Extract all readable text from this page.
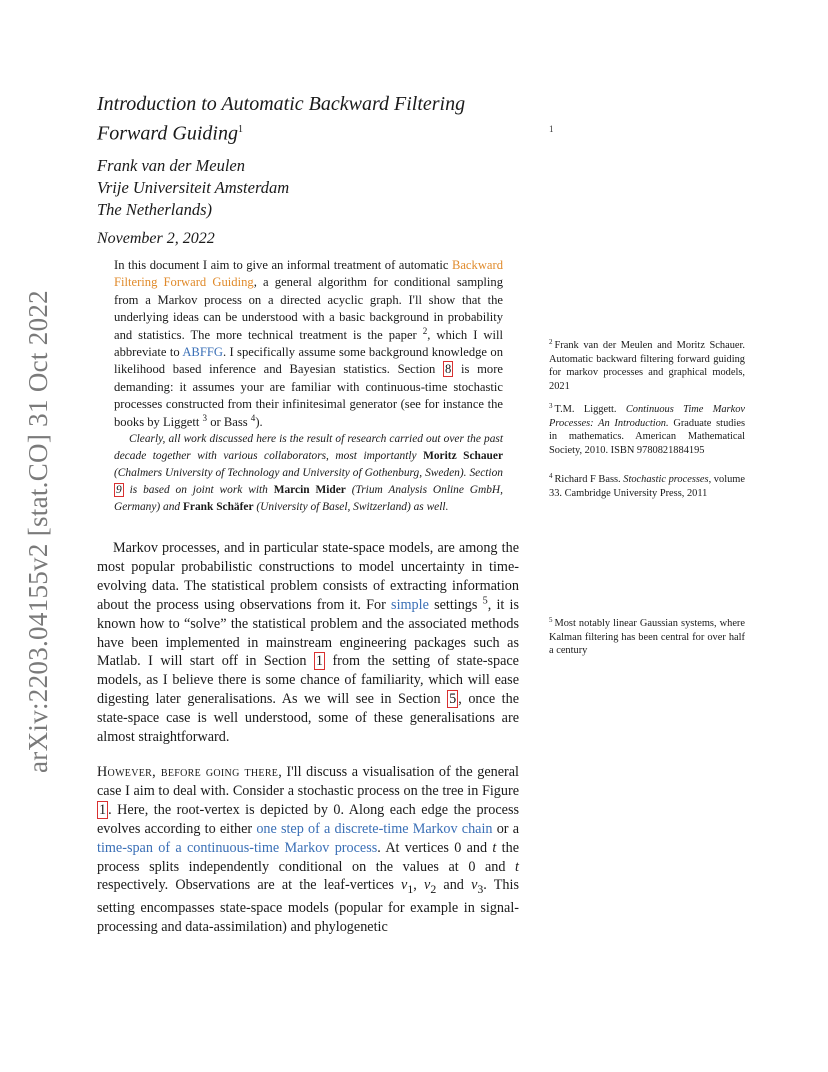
arXiv:2203.04155v2 [stat.CO] 31 Oct 2022
Introduction to Automatic Backward Filtering Forward Guiding$^1$

Frank van der Meulen

Vrije Universiteit Amsterdam

The Netherlands)

November 2, 2022

1

In this document I aim to give an informal treatment of automatic Backward Filtering Forward Guiding, a general algorithm for conditional sampling from a Markov process on a directed acyclic graph. I'll show that the underlying ideas can be understood with a basic background in probability and statistics. The more technical treatment is the paper $^2$, which I will abbreviate to ABFFG. I specifically assume some background knowledge on likelihood based inference and Bayesian statistics. Section 8 is more demanding: it assumes your are familiar with continuous-time stochastic processes constructed from their infinitesimal generator (see for instance the books by Liggett $^3$ or Bass $^4$).

Clearly, all work discussed here is the result of research carried out over the past decade together with various collaborators, most importantly Moritz Schauer (Chalmers University of Technology and University of Gothenburg, Sweden). Section 9 is based on joint work with Marcin Mider (Trium Analysis Online GmbH, Germany) and Frank Schäfer (University of Basel, Switzerland) as well.

Markov processes, and in particular state-space models, are among the most popular probabilistic constructions to model uncertainty in time-evolving data. The statistical problem consists of extracting information about the process using observations from it. For simple settings $^5$, it is known how to “solve” the statistical problem and the associated methods have been implemented in mainstream engineering packages such as Matlab. I will start off in Section 1 from the setting of state-space models, as I believe there is some chance of familiarity, which will ease digesting later generalisations. As we will see in Section 5 , once the state-space case is well understood, some of these generalisations are almost straightforward.

However, before going there, I'll discuss a visualisation of the general case I aim to deal with. Consider a stochastic process on the tree in Figure 1 . Here, the root-vertex is depicted by 0. Along each edge the process evolves according to either one step of a discrete-time Markov chain or a time-span of a continuous-time Markov process. At vertices 0 and t the process splits independently conditional on the values at 0 and t respectively. Observations are at the leaf-vertices $v_1$, $v_2$ and $v_3$. This setting encompasses state-space models (popular for example in signal-processing and data-assimilation) and phylogenetic

$^2$ Frank van der Meulen and Moritz Schauer. Automatic backward filtering forward guiding for markov processes and graphical models, 2021

$^3$ T.M. Liggett. Continuous Time Markov Processes: An Introduction. Graduate studies in mathematics. American Mathematical Society, 2010. ISBN 9780821884195

$^4$ Richard F Bass. Stochastic processes, volume 33. Cambridge University Press, 2011

$^5$ Most notably linear Gaussian systems, where Kalman filtering has been central for over half a century
